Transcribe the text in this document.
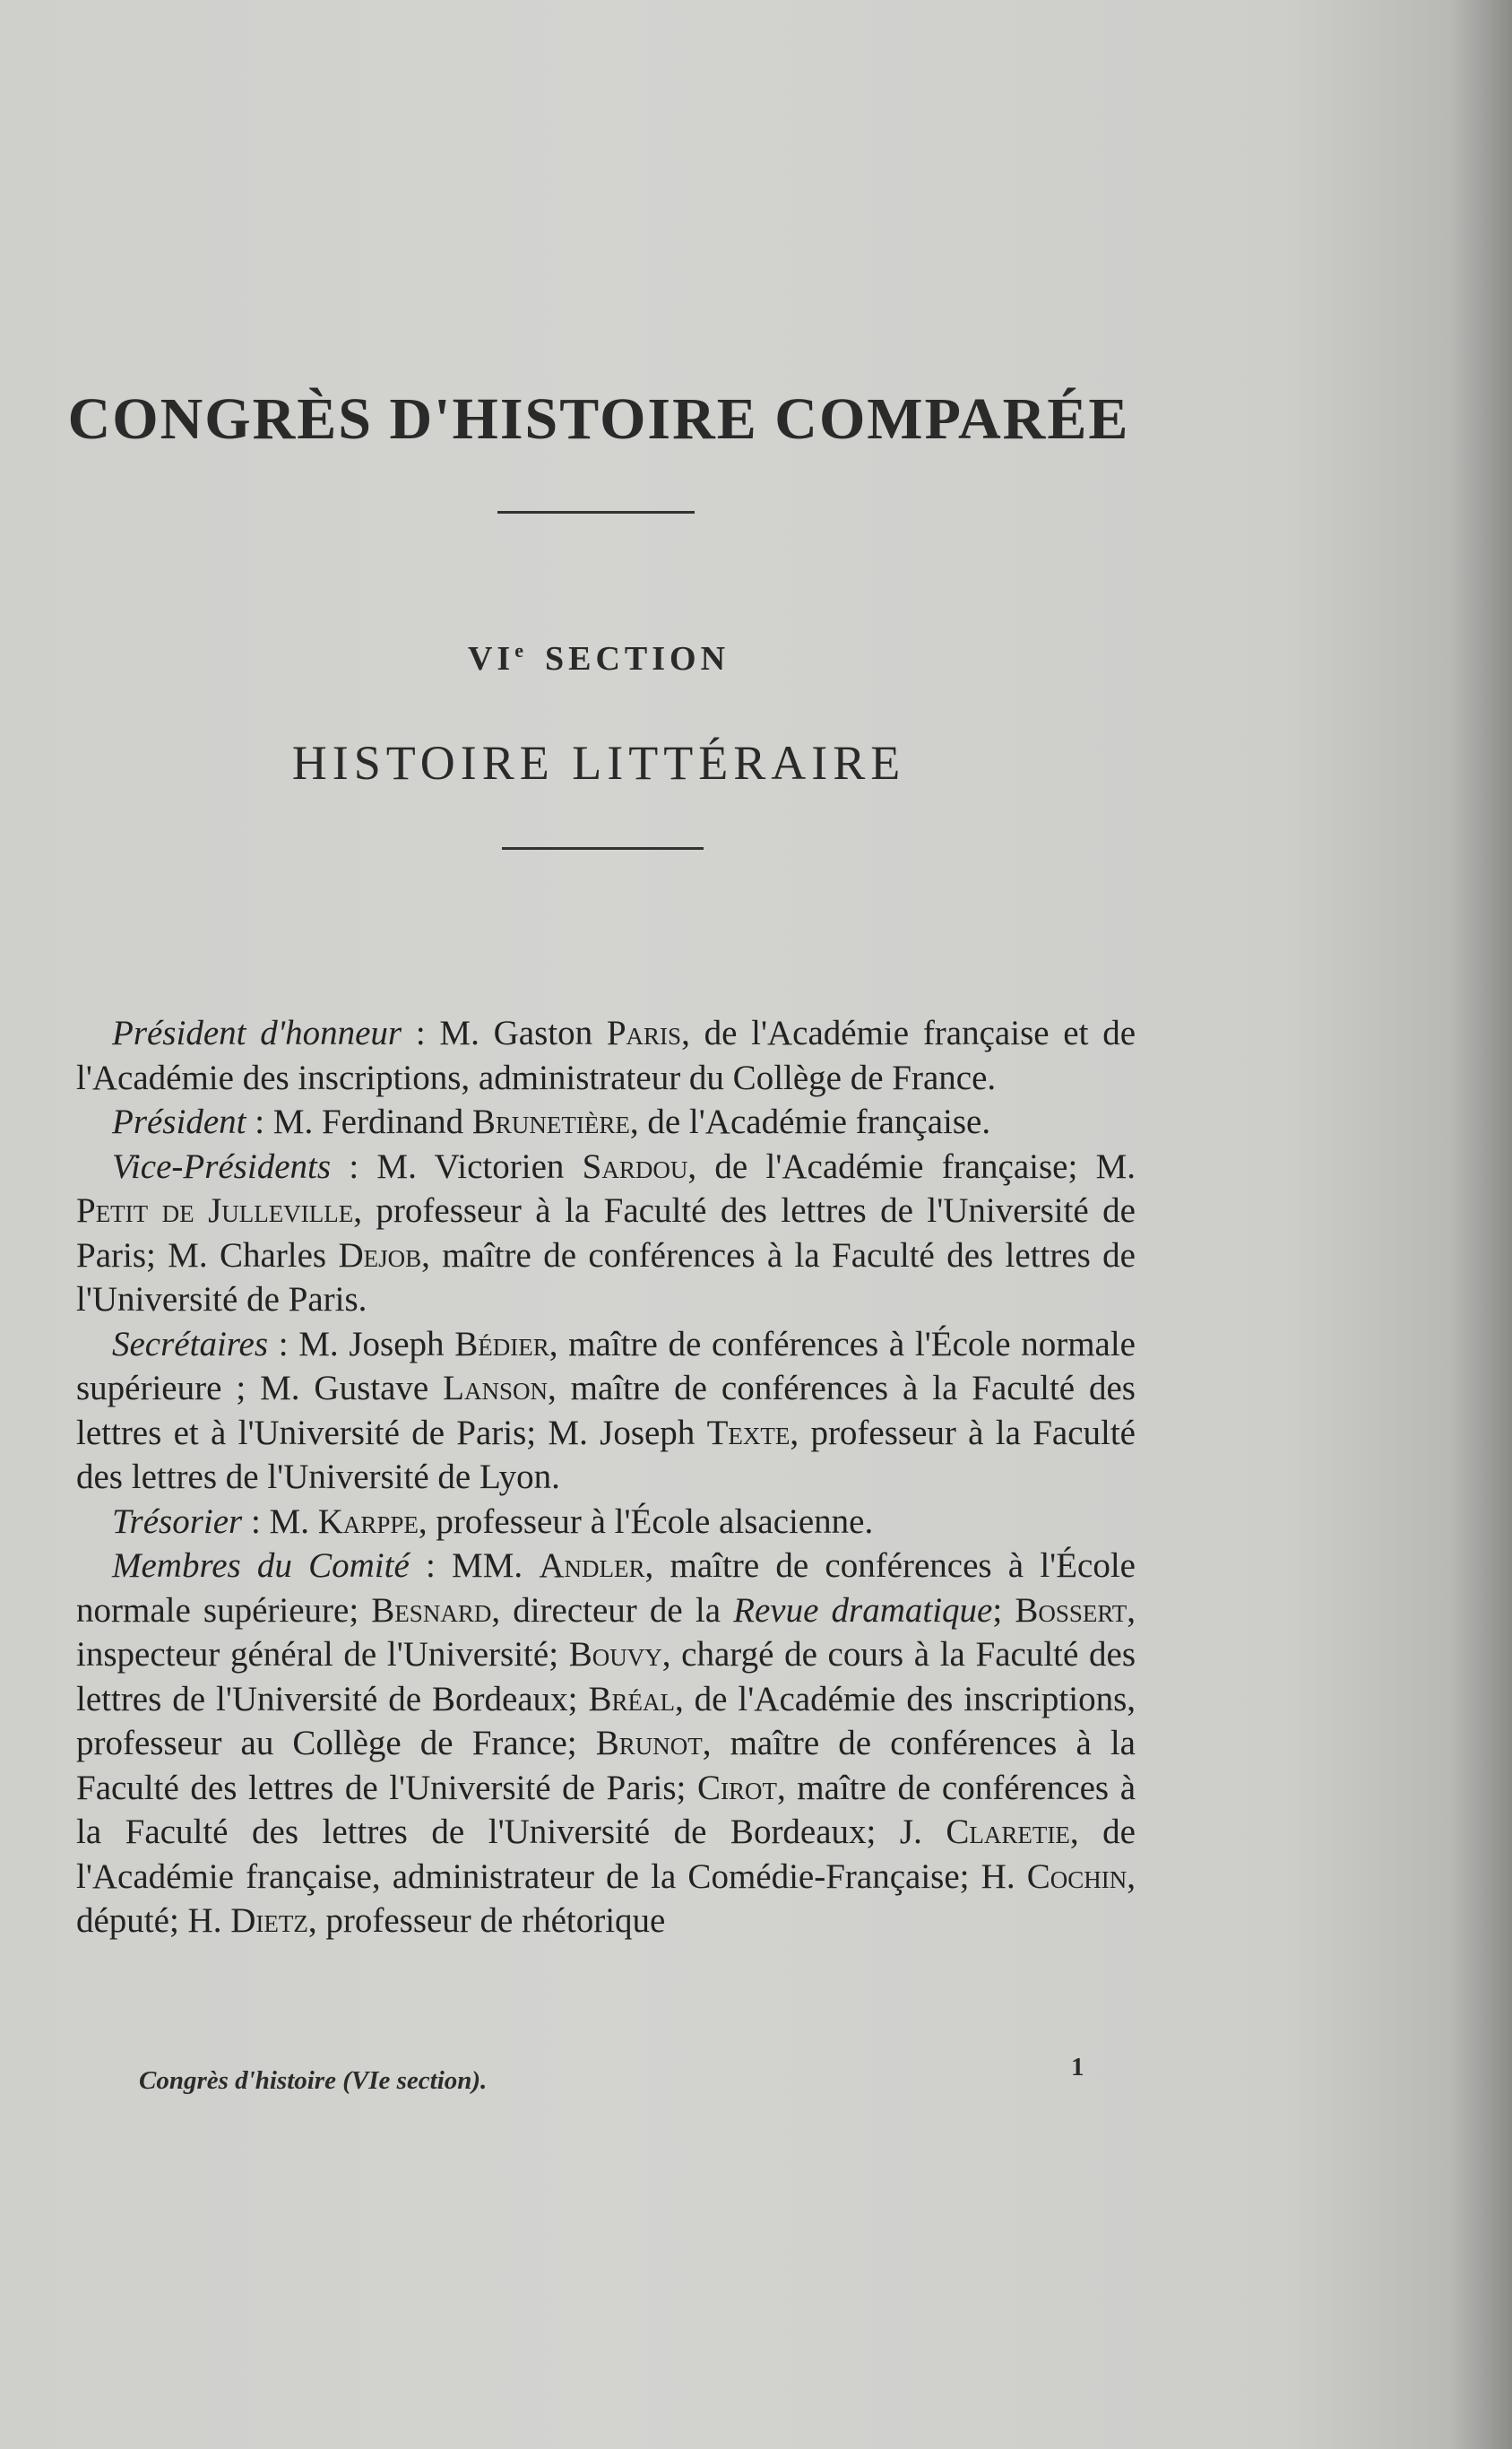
CONGRÈS D'HISTOIRE COMPARÉE
VIe SECTION
HISTOIRE LITTÉRAIRE

Président d'honneur : M. Gaston Paris, de l'Académie française et de l'Académie des inscriptions, administrateur du Collège de France.

Président : M. Ferdinand Brunetière, de l'Académie française.

Vice-Présidents : M. Victorien Sardou, de l'Académie française; M. Petit de Julleville, professeur à la Faculté des lettres de l'Université de Paris; M. Charles Dejob, maître de conférences à la Faculté des lettres de l'Université de Paris.

Secrétaires : M. Joseph Bédier, maître de conférences à l'École normale supérieure ; M. Gustave Lanson, maître de conférences à la Faculté des lettres et à l'Université de Paris; M. Joseph Texte, professeur à la Faculté des lettres de l'Université de Lyon.

Trésorier : M. Karppe, professeur à l'École alsacienne.

Membres du Comité : MM. Andler, maître de conférences à l'École normale supérieure; Besnard, directeur de la Revue dramatique; Bossert, inspecteur général de l'Université; Bouvy, chargé de cours à la Faculté des lettres de l'Université de Bordeaux; Bréal, de l'Académie des inscriptions, professeur au Collège de France; Brunot, maître de conférences à la Faculté des lettres de l'Université de Paris; Cirot, maître de conférences à la Faculté des lettres de l'Université de Bordeaux; J. Claretie, de l'Académie française, administrateur de la Comédie-Française; H. Cochin, député; H. Dietz, professeur de rhétorique

Congrès d'histoire (VIe section).	1
